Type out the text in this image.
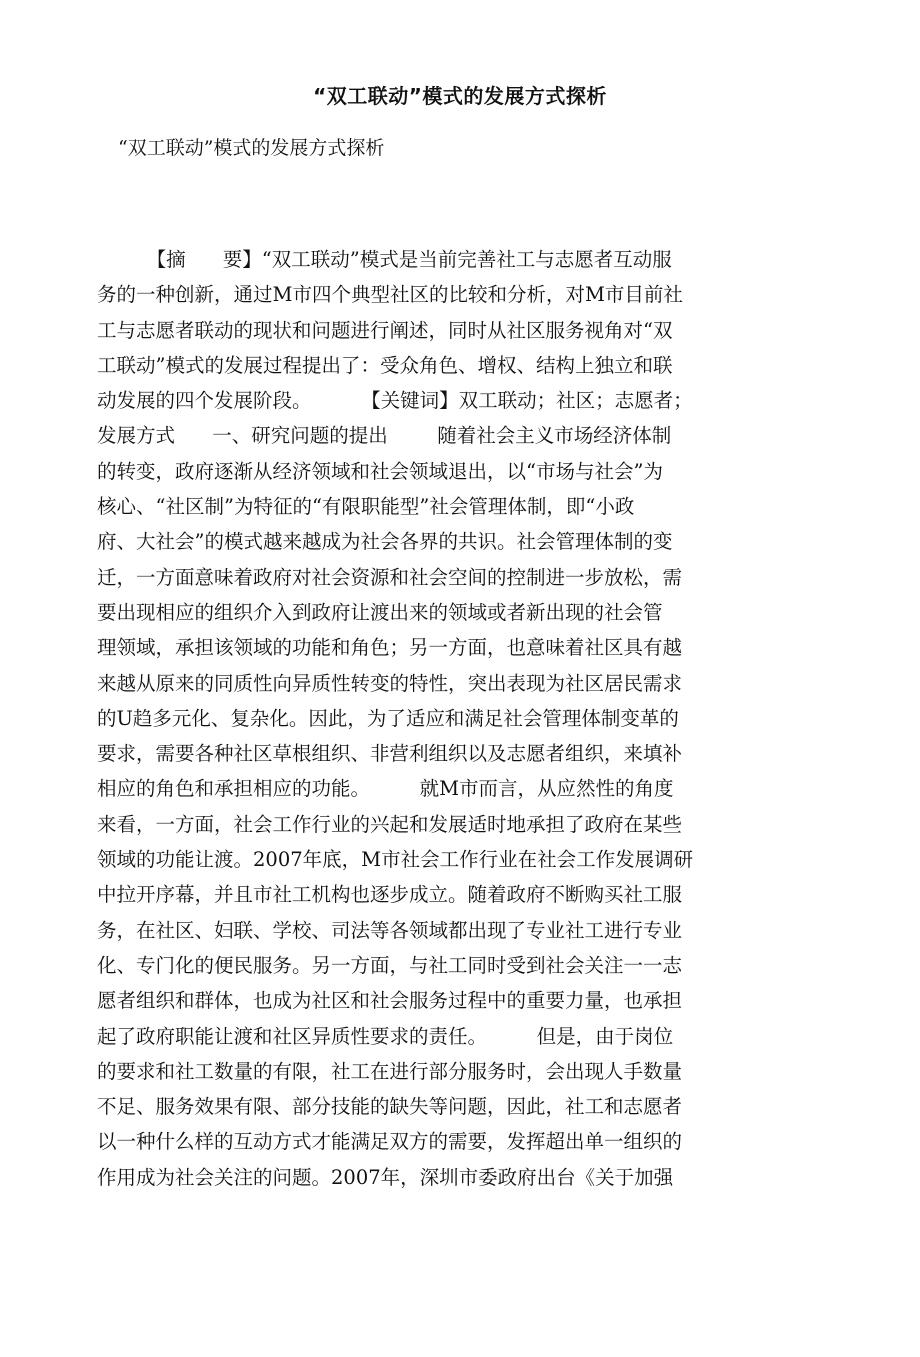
“双工联动”模式的发展方式探析
“双工联动”模式的发展方式探析
【摘      要】“双工联动”模式是当前完善社工与志愿者互动服
务的一种创新，通过M市四个典型社区的比较和分析，对M市目前社
工与志愿者联动的现状和问题进行阐述，同时从社区服务视角对“双
工联动”模式的发展过程提出了：受众角色、增权、结构上独立和联
动发展的四个发展阶段。        【关键词】双工联动；社区；志愿者；
发展方式      一、研究问题的提出        随着社会主义市场经济体制
的转变，政府逐渐从经济领域和社会领域退出，以“市场与社会”为
核心、“社区制”为特征的“有限职能型”社会管理体制，即“小政
府、大社会”的模式越来越成为社会各界的共识。社会管理体制的变
迁，一方面意味着政府对社会资源和社会空间的控制进一步放松，需
要出现相应的组织介入到政府让渡出来的领域或者新出现的社会管
理领域，承担该领域的功能和角色；另一方面，也意味着社区具有越
来越从原来的同质性向异质性转变的特性，突出表现为社区居民需求
的U趋多元化、复杂化。因此，为了适应和满足社会管理体制变革的
要求，需要各种社区草根组织、非营利组织以及志愿者组织，来填补
相应的角色和承担相应的功能。        就M市而言，从应然性的角度
来看，一方面，社会工作行业的兴起和发展适时地承担了政府在某些
领域的功能让渡。2007年底，M市社会工作行业在社会工作发展调研
中拉开序幕，并且市社工机构也逐步成立。随着政府不断购买社工服
务，在社区、妇联、学校、司法等各领域都出现了专业社工进行专业
化、专门化的便民服务。另一方面，与社工同时受到社会关注一一志
愿者组织和群体，也成为社区和社会服务过程中的重要力量，也承担
起了政府职能让渡和社区异质性要求的责任。        但是，由于岗位
的要求和社工数量的有限，社工在进行部分服务时，会出现人手数量
不足、服务效果有限、部分技能的缺失等问题，因此，社工和志愿者
以一种什么样的互动方式才能满足双方的需要，发挥超出单一组织的
作用成为社会关注的问题。2007年，深圳市委政府出台《关于加强
